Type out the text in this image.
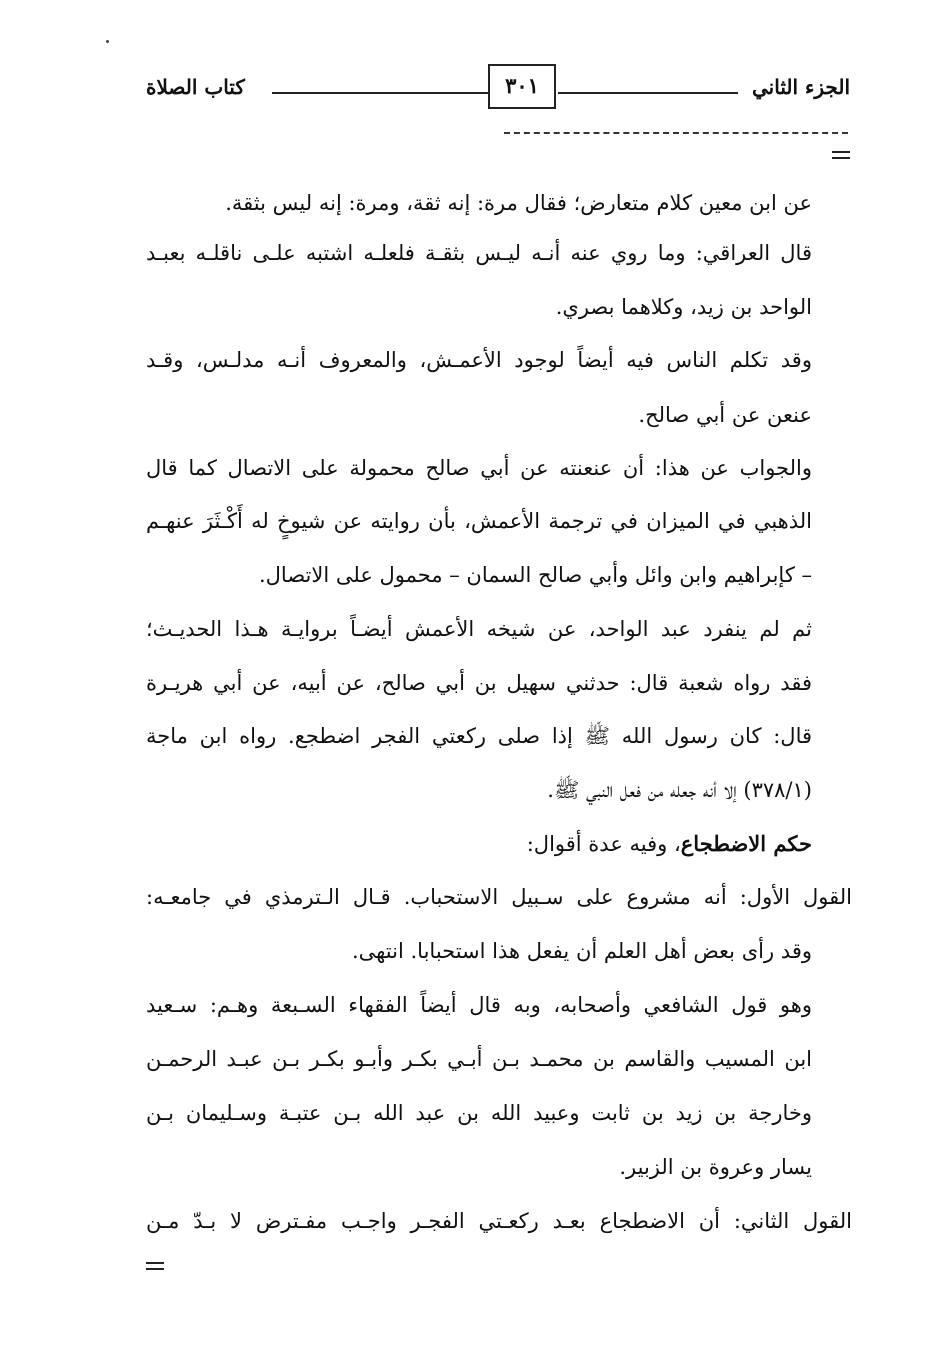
الجزء الثاني
٣٠١
كتاب الصلاة
عن ابن معين كلام متعارض؛ فقال مرة: إنه ثقة، ومرة: إنه ليس بثقة.
قال العراقي: وما روي عنه أنـه ليـس بثقـة فلعلـه اشتبه علـى ناقلـه بعبـد
الواحد بن زيد، وكلاهما بصري.
وقد تكلم الناس فيه أيضاً لوجود الأعمـش، والمعروف أنـه مدلـس، وقـد
عنعن عن أبي صالح.
والجواب عن هذا: أن عنعنته عن أبي صالح محمولة على الاتصال كما قال
الذهبي في الميزان في ترجمة الأعمش، بأن روايته عن شيوخٍ له أَكْـثَرَ عنهـم
– كإبراهيم وابن وائل وأبي صالح السمان – محمول على الاتصال.
ثم لم ينفرد عبد الواحد، عن شيخه الأعمش أيضـاً بروايـة هـذا الحديـث؛
فقد رواه شعبة قال: حدثني سهيل بن أبي صالح، عن أبيه، عن أبي هريـرة
قال: كان رسول الله ﷺ إذا صلى ركعتي الفجر اضطجع. رواه ابن ماجة
(٣٧٨/١) إلا أنه جعله من فعل النبي ﷺ.
حكم الاضطجاع، وفيه عدة أقوال:
القول الأول: أنه مشروع على سـبيل الاستحباب. قـال الـترمذي في جامعـه:
وقد رأى بعض أهل العلم أن يفعل هذا استحبابا. انتهى.
وهو قول الشافعي وأصحابه، وبه قال أيضاً الفقهاء السـبعة وهـم: سـعيد
ابن المسيب والقاسم بن محمـد بـن أبـي بكـر وأبـو بكـر بـن عبـد الرحمـن
وخارجة بن زيد بن ثابت وعبيد الله بن عبد الله بـن عتبـة وسـليمان بـن
يسار وعروة بن الزبير.
القول الثاني: أن الاضطجاع بعـد ركعـتي الفجـر واجـب مفـترض لا بـدّ مـن
